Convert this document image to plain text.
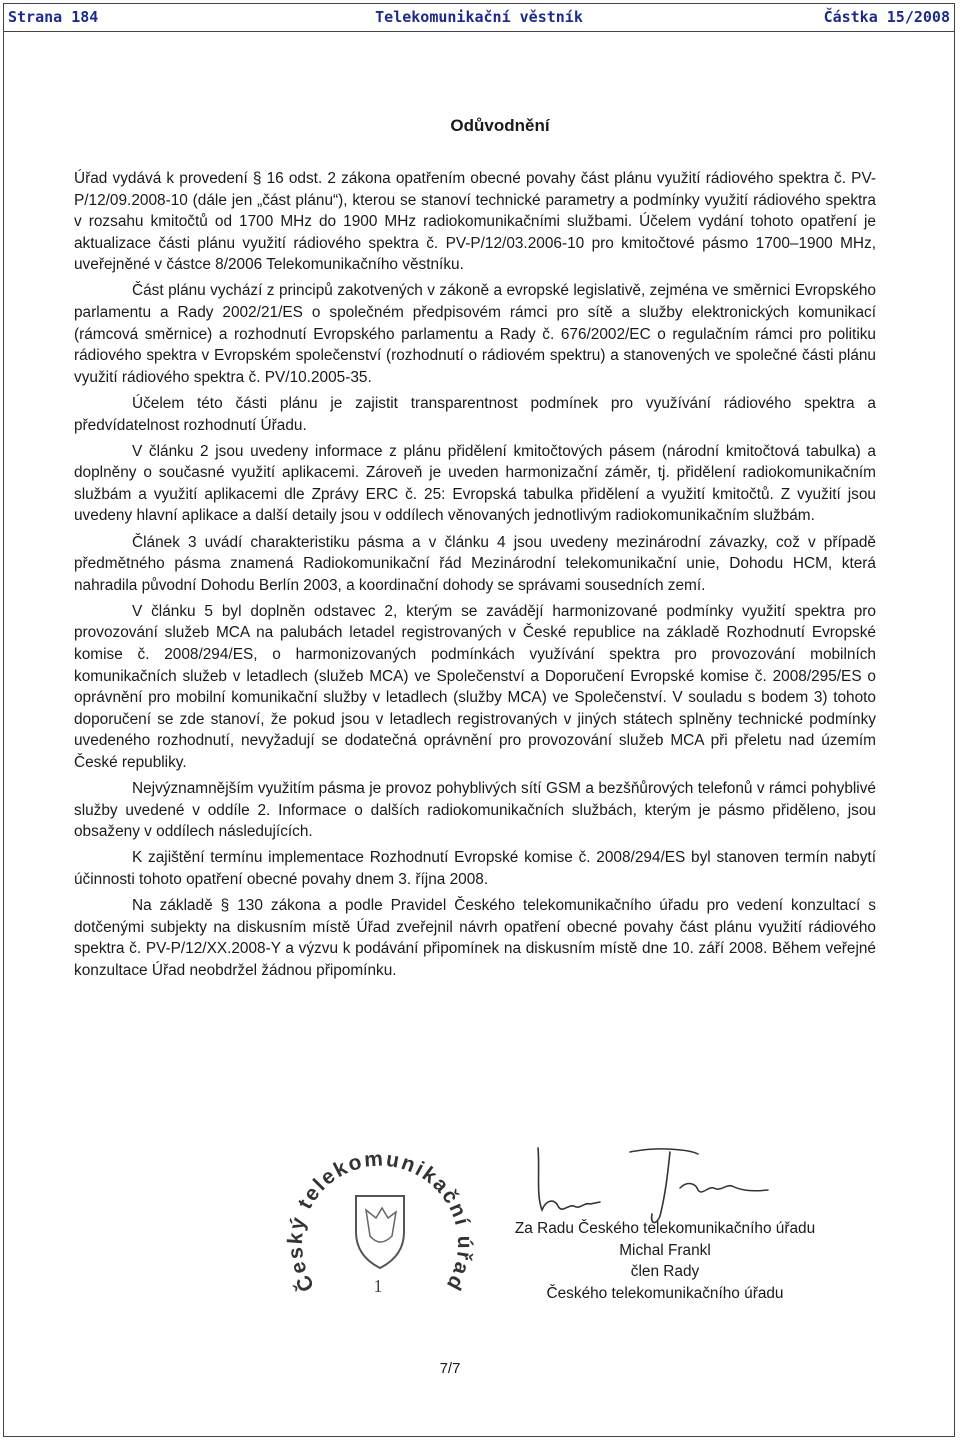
Strana 184	Telekomunikační věstník	Částka 15/2008
Odůvodnění

Úřad vydává k provedení § 16 odst. 2 zákona opatřením obecné povahy část plánu využití rádiového spektra č. PV-P/12/09.2008-10 (dále jen „část plánu“), kterou se stanoví technické parametry a podmínky využití rádiového spektra v rozsahu kmitočtů od 1700 MHz do 1900 MHz radiokomunikačními službami. Účelem vydání tohoto opatření je aktualizace části plánu využití rádiového spektra č. PV-P/12/03.2006-10 pro kmitočtové pásmo 1700–1900 MHz, uveřejněné v částce 8/2006 Telekomunikačního věstníku.

Část plánu vychází z principů zakotvených v zákoně a evropské legislativě, zejména ve směrnici Evropského parlamentu a Rady 2002/21/ES o společném předpisovém rámci pro sítě a služby elektronických komunikací (rámcová směrnice) a rozhodnutí Evropského parlamentu a Rady č. 676/2002/EC o regulačním rámci pro politiku rádiového spektra v Evropském společenství (rozhodnutí o rádiovém spektru) a stanovených ve společné části plánu využití rádiového spektra č. PV/10.2005-35.

Účelem této části plánu je zajistit transparentnost podmínek pro využívání rádiového spektra a předvídatelnost rozhodnutí Úřadu.

V článku 2 jsou uvedeny informace z plánu přidělení kmitočtových pásem (národní kmitočtová tabulka) a doplněny o současné využití aplikacemi. Zároveň je uveden harmonizační záměr, tj. přidělení radiokomunikačním službám a využití aplikacemi dle Zprávy ERC č. 25: Evropská tabulka přidělení a využití kmitočtů. Z využití jsou uvedeny hlavní aplikace a další detaily jsou v oddílech věnovaných jednotlivým radiokomunikačním službám.

Článek 3 uvádí charakteristiku pásma a v článku 4 jsou uvedeny mezinárodní závazky, což v případě předmětného pásma znamená Radiokomunikační řád Mezinárodní telekomunikační unie, Dohodu HCM, která nahradila původní Dohodu Berlín 2003, a koordinační dohody se správami sousedních zemí.

V článku 5 byl doplněn odstavec 2, kterým se zavádějí harmonizované podmínky využití spektra pro provozování služeb MCA na palubách letadel registrovaných v České republice na základě Rozhodnutí Evropské komise č. 2008/294/ES, o harmonizovaných podmínkách využívání spektra pro provozování mobilních komunikačních služeb v letadlech (služeb MCA) ve Společenství a Doporučení Evropské komise č. 2008/295/ES o oprávnění pro mobilní komunikační služby v letadlech (služby MCA) ve Společenství. V souladu s bodem 3) tohoto doporučení se zde stanoví, že pokud jsou v letadlech registrovaných v jiných státech splněny technické podmínky uvedeného rozhodnutí, nevyžadují se dodatečná oprávnění pro provozování služeb MCA při přeletu nad územím České republiky.

Nejvýznamnějším využitím pásma je provoz pohyblivých sítí GSM a bezšňůrových telefonů v rámci pohyblivé služby uvedené v oddíle 2. Informace o dalších radiokomunikačních službách, kterým je pásmo přiděleno, jsou obsaženy v oddílech následujících.

K zajištění termínu implementace Rozhodnutí Evropské komise č. 2008/294/ES byl stanoven termín nabytí účinnosti tohoto opatření obecné povahy dnem 3. října 2008.

Na základě § 130 zákona a podle Pravidel Českého telekomunikačního úřadu pro vedení konzultací s dotčenými subjekty na diskusním místě Úřad zveřejnil návrh opatření obecné povahy část plánu využití rádiového spektra č. PV-P/12/XX.2008-Y a výzvu k podávání připomínek na diskusním místě dne 10. září 2008. Během veřejné konzultace Úřad neobdržel žádnou připomínku.

Český telekomunikační úřad
1
Za Radu Českého telekomunikačního úřadu
Michal Frankl
člen Rady
Českého telekomunikačního úřadu
7/7
